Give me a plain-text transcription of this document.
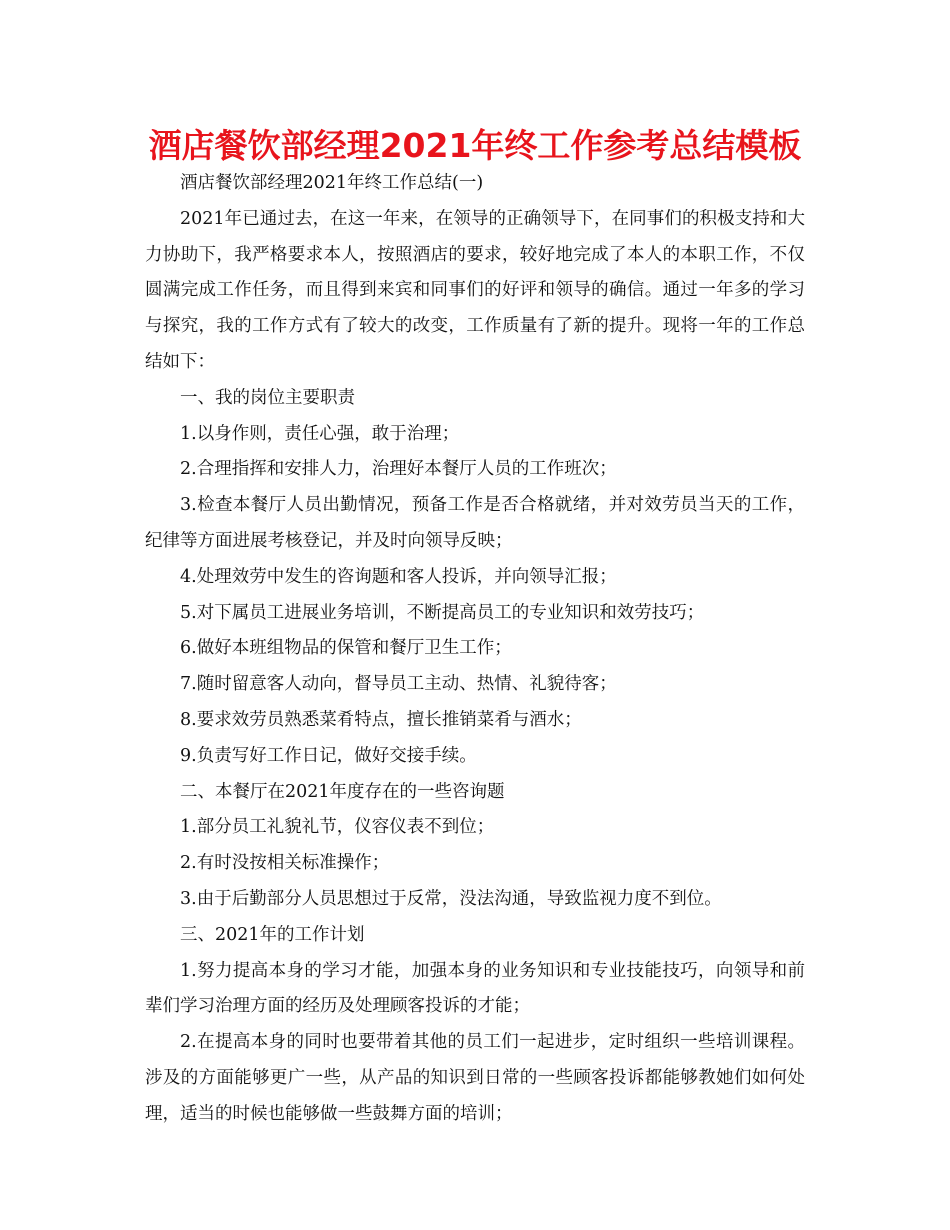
酒店餐饮部经理2021年终工作参考总结模板

酒店餐饮部经理2021年终工作总结(一)

2021年已通过去，在这一年来，在领导的正确领导下，在同事们的积极支持和大力协助下，我严格要求本人，按照酒店的要求，较好地完成了本人的本职工作，不仅圆满完成工作任务，而且得到来宾和同事们的好评和领导的确信。通过一年多的学习与探究，我的工作方式有了较大的改变，工作质量有了新的提升。现将一年的工作总结如下：

一、我的岗位主要职责

1.以身作则，责任心强，敢于治理；

2.合理指挥和安排人力，治理好本餐厅人员的工作班次；

3.检查本餐厅人员出勤情况，预备工作是否合格就绪，并对效劳员当天的工作，纪律等方面进展考核登记，并及时向领导反映；

4.处理效劳中发生的咨询题和客人投诉，并向领导汇报；

5.对下属员工进展业务培训，不断提高员工的专业知识和效劳技巧；

6.做好本班组物品的保管和餐厅卫生工作；

7.随时留意客人动向，督导员工主动、热情、礼貌待客；

8.要求效劳员熟悉菜肴特点，擅长推销菜肴与酒水；

9.负责写好工作日记，做好交接手续。

二、本餐厅在2021年度存在的一些咨询题

1.部分员工礼貌礼节，仪容仪表不到位；

2.有时没按相关标准操作；

3.由于后勤部分人员思想过于反常，没法沟通，导致监视力度不到位。

三、2021年的工作计划

1.努力提高本身的学习才能，加强本身的业务知识和专业技能技巧，向领导和前辈们学习治理方面的经历及处理顾客投诉的才能；

2.在提高本身的同时也要带着其他的员工们一起进步，定时组织一些培训课程。涉及的方面能够更广一些，从产品的知识到日常的一些顾客投诉都能够教她们如何处理，适当的时候也能够做一些鼓舞方面的培训；
